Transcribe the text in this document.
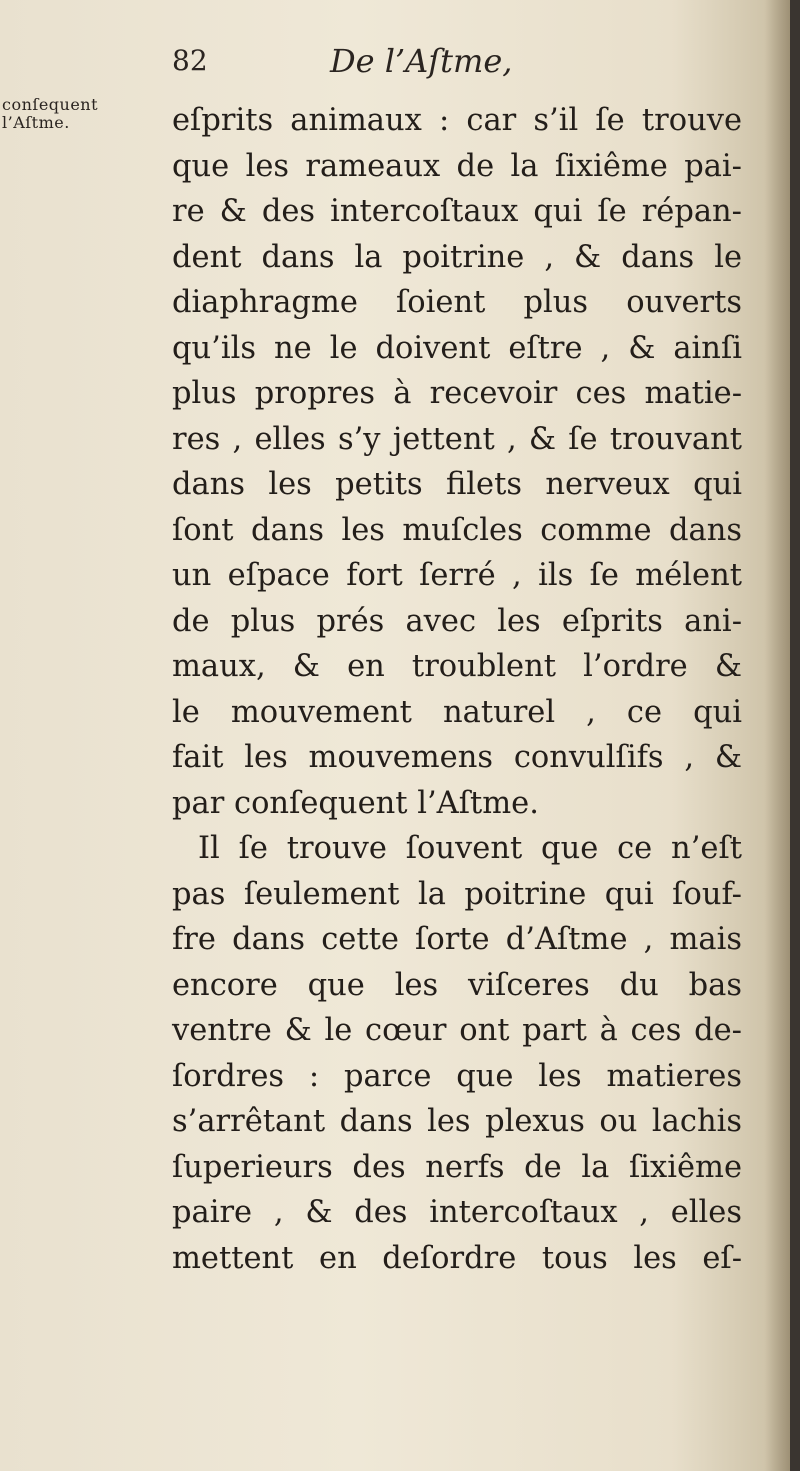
82	De l’Aſtme,
conſequent
l’Aſtme.	eſprits animaux : car s’il ſe trouve
que les rameaux de la ſixiême pai-
re & des intercoſtaux qui ſe répan-
dent dans la poitrine , & dans le
diaphragme ſoient plus ouverts
qu’ils ne le doivent eſtre , & ainſi
plus propres à recevoir ces matie-
res , elles s’y jettent , & ſe trouvant
dans les petits filets nerveux qui
ſont dans les muſcles comme dans
un eſpace fort ſerré , ils ſe mélent
de plus prés avec les eſprits ani-
maux, & en troublent l’ordre &
le mouvement naturel , ce qui
fait les mouvemens convulſifs , &
par conſequent l’Aſtme.
Il ſe trouve ſouvent que ce n’eſt
pas ſeulement la poitrine qui ſouf-
fre dans cette ſorte d’Aſtme , mais
encore que les viſceres du bas
ventre & le cœur ont part à ces de-
ſordres : parce que les matieres
s’arrêtant dans les plexus ou lachis
ſuperieurs des nerfs de la ſixiême
paire , & des intercoſtaux , elles
mettent en deſordre tous les eſ-
